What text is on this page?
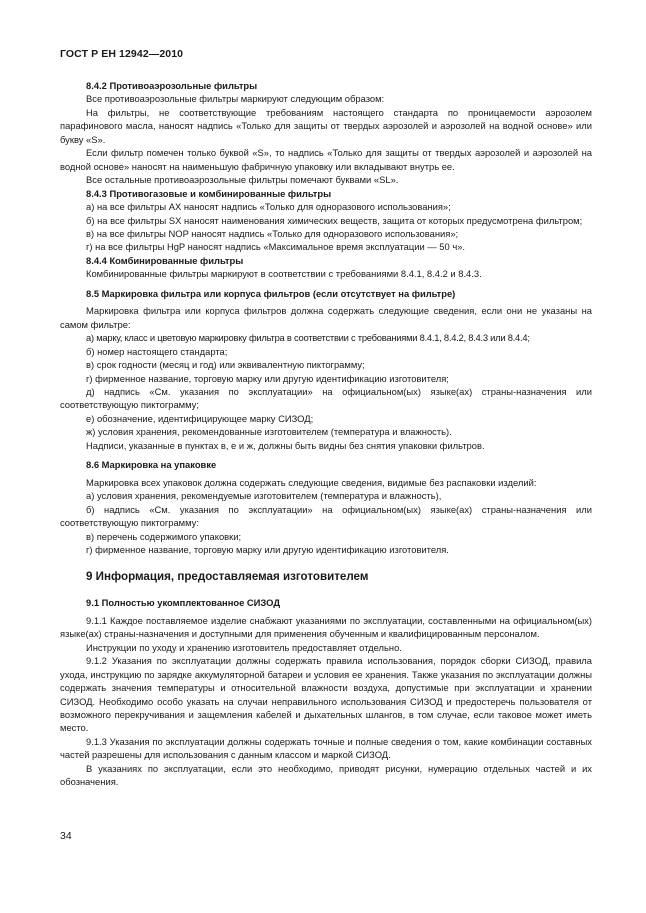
ГОСТ Р ЕН 12942—2010

8.4.2 Противоаэрозольные фильтры

Все противоаэрозольные фильтры маркируют следующим образом:

На фильтры, не соответствующие требованиям настоящего стандарта по проницаемости аэрозолем парафинового масла, наносят надпись «Только для защиты от твердых аэрозолей и аэрозолей на водной основе» или букву «S».

Если фильтр помечен только буквой «S», то надпись «Только для защиты от твердых аэрозолей и аэрозолей на водной основе» наносят на наименьшую фабричную упаковку или вкладывают внутрь ее.

Все остальные противоаэрозольные фильтры помечают буквами «SL».

8.4.3 Противогазовые и комбинированные фильтры

а) на все фильтры АХ наносят надпись «Только для одноразового использования»;

б) на все фильтры SX наносят наименования химических веществ, защита от которых предусмотрена фильтром;

в) на все фильтры NOP наносят надпись «Только для одноразового использования»;

г) на все фильтры HgP наносят надпись «Максимальное время эксплуатации — 50 ч».

8.4.4 Комбинированные фильтры

Комбинированные фильтры маркируют в соответствии с требованиями 8.4.1, 8.4.2 и 8.4.3.

8.5 Маркировка фильтра или корпуса фильтров (если отсутствует на фильтре)

Маркировка фильтра или корпуса фильтров должна содержать следующие сведения, если они не указаны на самом фильтре:

а) марку, класс и цветовую маркировку фильтра в соответствии с требованиями 8.4.1, 8.4.2, 8.4.3 или 8.4.4;

б) номер настоящего стандарта;

в) срок годности (месяц и год) или эквивалентную пиктограмму;

г) фирменное название, торговую марку или другую идентификацию изготовителя;

д) надпись «См. указания по эксплуатации» на официальном(ых) языке(ах) страны-назначения или соответствующую пиктограмму;

е) обозначение, идентифицирующее марку СИЗОД;

ж) условия хранения, рекомендованные изготовителем (температура и влажность).

Надписи, указанные в пунктах в, е и ж, должны быть видны без снятия упаковки фильтров.

8.6 Маркировка на упаковке

Маркировка всех упаковок должна содержать следующие сведения, видимые без распаковки изделий:

а) условия хранения, рекомендуемые изготовителем (температура и влажность),

б) надпись «См. указания по эксплуатации» на официальном(ых) языке(ах) страны-назначения или соответствующую пиктограмму:

в) перечень содержимого упаковки;

г) фирменное название, торговую марку или другую идентификацию изготовителя.

9 Информация, предоставляемая изготовителем

9.1 Полностью укомплектованное СИЗОД

9.1.1 Каждое поставляемое изделие снабжают указаниями по эксплуатации, составленными на официальном(ых) языке(ах) страны-назначения и доступными для применения обученным и квалифицированным персоналом.

Инструкции по уходу и хранению изготовитель предоставляет отдельно.

9.1.2 Указания по эксплуатации должны содержать правила использования, порядок сборки СИЗОД, правила ухода, инструкцию по зарядке аккумуляторной батареи и условия ее хранения. Также указания по эксплуатации должны содержать значения температуры и относительной влажности воздуха, допустимые при эксплуатации и хранении СИЗОД. Необходимо особо указать на случаи неправильного использования СИЗОД и предостеречь пользователя от возможного перекручивания и защемления кабелей и дыхательных шлангов, в том случае, если таковое может иметь место.

9.1.3 Указания по эксплуатации должны содержать точные и полные сведения о том, какие комбинации составных частей разрешены для использования с данным классом и маркой СИЗОД.

В указаниях по эксплуатации, если это необходимо, приводят рисунки, нумерацию отдельных частей и их обозначения.

34
